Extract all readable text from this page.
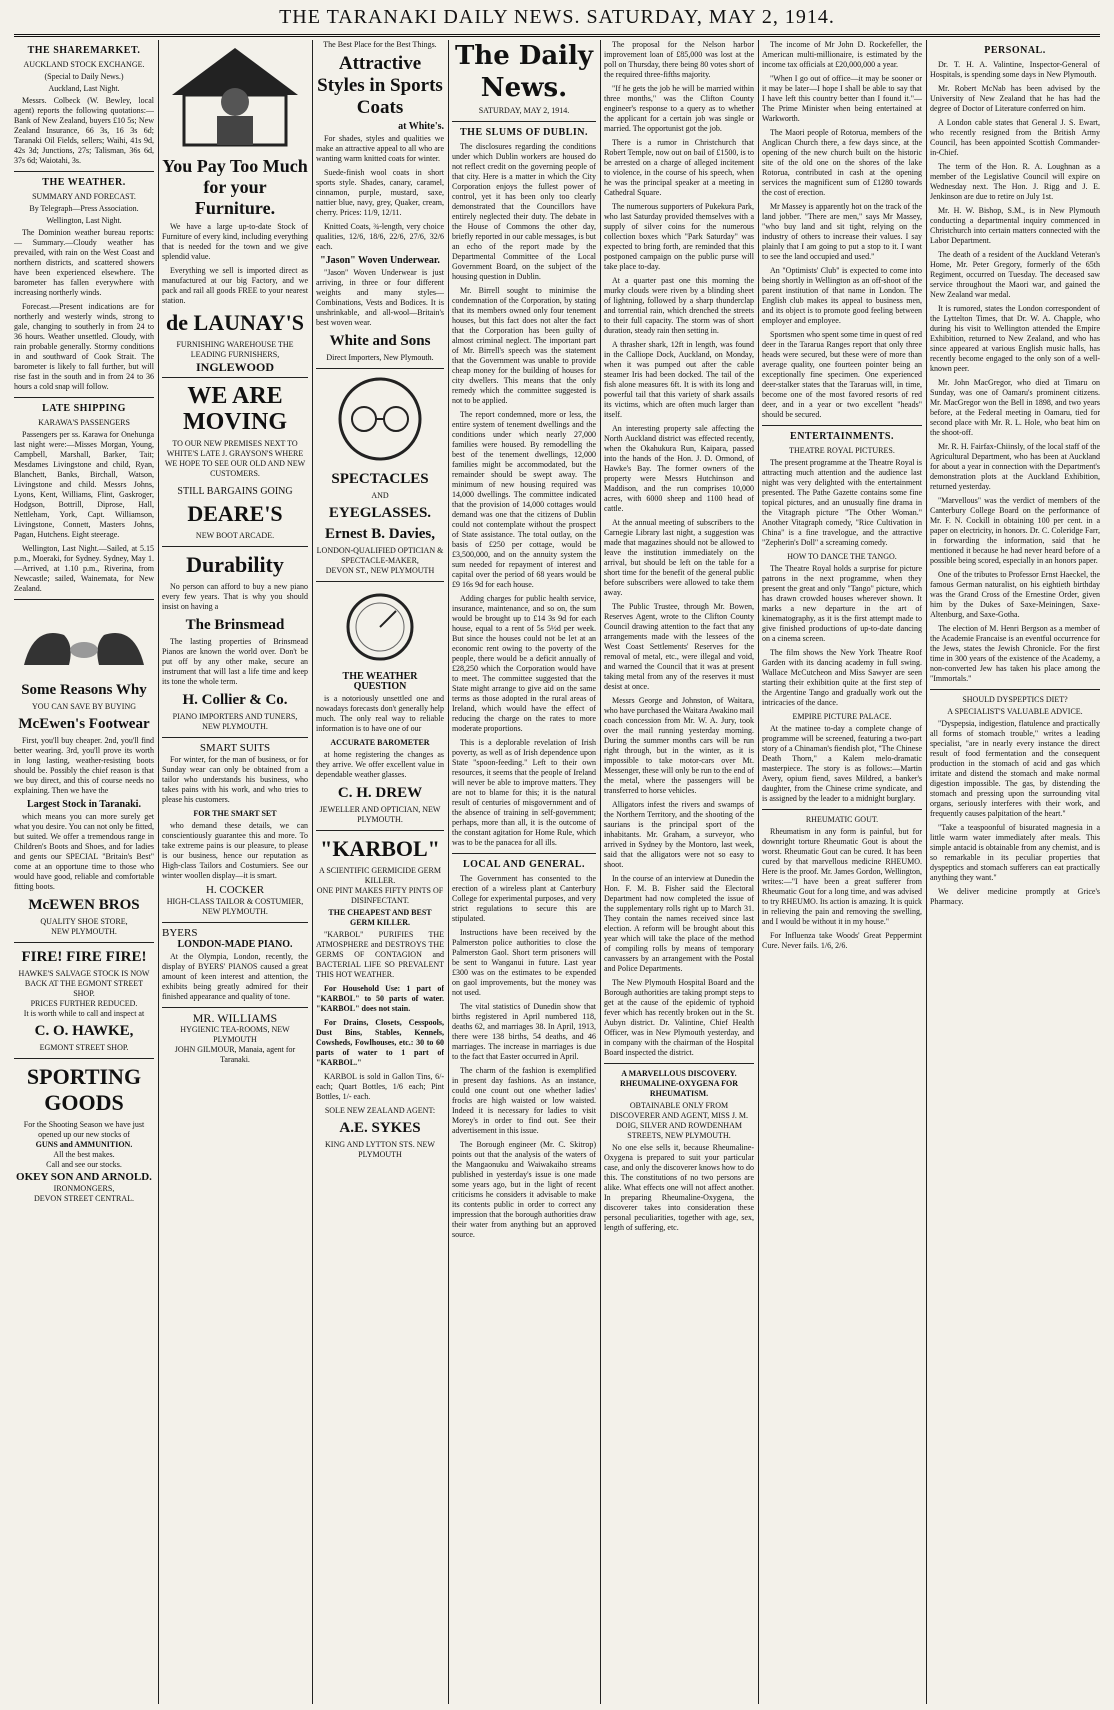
THE TARANAKI DAILY NEWS. SATURDAY, MAY 2, 1914.
THE SHAREMARKET.
AUCKLAND STOCK EXCHANGE.
(Special to Daily News.)
Auckland, Last Night.
Messrs. Colbeck (W. Bewley, local agent) reports the following quotations:— Bank of New Zealand, buyers £10 5s; New Zealand Insurance, 66 3s, 16 3s 6d; Taranaki Oil Fields, sellers; Waihi, 41s 9d, 42s 3d; Junctions, 27s; Talisman, 36s 6d, 37s 6d; Waiotahi, 3s.
THE WEATHER.
SUMMARY AND FORECAST.
By Telegraph—Press Association.
Wellington, Last Night.
The Dominion weather bureau reports:— Summary.—Cloudy weather has prevailed, with rain on the West Coast and northern districts, and scattered showers have been experienced elsewhere. The barometer has fallen everywhere with increasing northerly winds.
Forecast.—Present indications are for northerly and westerly winds, strong to gale, changing to southerly in from 24 to 36 hours. Weather unsettled. Cloudy, with rain probable generally. Stormy conditions in and southward of Cook Strait. The barometer is likely to fall further, but will rise fast in the south and in from 24 to 36 hours a cold snap will follow.
LATE SHIPPING
KARAWA'S PASSENGERS
Passengers per ss. Karawa for Onehunga last night were:—Misses Morgan, Young, Campbell, Marshall, Barker, Tait; Mesdames Livingstone and child, Ryan, Blanchett, Banks, Birchall, Watson, Livingstone and child. Messrs Johns, Lyons, Kent, Williams, Flint, Gaskroger, Hodgson, Bottrill, Diprose, Hall, Nettleham, York, Capt. Williamson, Livingstone, Connett, Masters Johns, Pagan, Hutchens. Eight steerage.
Wellington, Last Night.—Sailed, at 5.15 p.m., Moeraki, for Sydney. Sydney, May 1.—Arrived, at 1.10 p.m., Riverina, from Newcastle; sailed, Wainemata, for New Zealand.
Some Reasons Why
YOU CAN SAVE BY BUYING
McEwen's Footwear
First, you'll buy cheaper. 2nd, you'll find better wearing. 3rd, you'll prove its worth in long lasting, weather-resisting boots should be. Possibly the chief reason is that we buy direct, and this of course needs no explaining. Then we have the
Largest Stock in Taranaki.
which means you can more surely get what you desire. You can not only be fitted, but suited. We offer a tremendous range in Children's Boots and Shoes, and for ladies and gents our SPECIAL "Britain's Best" come at an opportune time to those who would have good, reliable and comfortable fitting boots.
McEWEN BROS
QUALITY SHOE STORE,
NEW PLYMOUTH.
FIRE! FIRE FIRE!
HAWKE'S SALVAGE STOCK IS NOW BACK AT THE EGMONT STREET SHOP.
PRICES FURTHER REDUCED.
It is worth while to call and inspect at
C. O. HAWKE,
EGMONT STREET SHOP.
SPORTING GOODS
For the Shooting Season we have just opened up our new stocks of
GUNS and AMMUNITION.
All the best makes.
Call and see our stocks.
OKEY SON AND ARNOLD.
IRONMONGERS,
DEVON STREET CENTRAL.
You Pay Too Much for your Furniture.
We have a large up-to-date Stock of Furniture of every kind, including everything that is needed for the town and we give splendid value.
Everything we sell is imported direct as manufactured at our big Factory, and we pack and rail all goods FREE to your nearest station.
de LAUNAY'S
FURNISHING WAREHOUSE THE LEADING FURNISHERS,
INGLEWOOD
WE ARE MOVING
TO OUR NEW PREMISES NEXT TO WHITE'S LATE J. GRAYSON'S WHERE WE HOPE TO SEE OUR OLD AND NEW CUSTOMERS.
STILL BARGAINS GOING
DEARE'S
NEW BOOT ARCADE.
Durability
No person can afford to buy a new piano every few years. That is why you should insist on having a
The Brinsmead
The lasting properties of Brinsmead Pianos are known the world over. Don't be put off by any other make, secure an instrument that will last a life time and keep its tone the whole term.
H. Collier & Co.
PIANO IMPORTERS AND TUNERS,
NEW PLYMOUTH.
SMART SUITS
For winter, for the man of business, or for Sunday wear can only be obtained from a tailor who understands his business, who takes pains with his work, and who tries to please his customers.
FOR THE SMART SET
who demand these details, we can conscientiously guarantee this and more. To take extreme pains is our pleasure, to please is our business, hence our reputation as High-class Tailors and Costumiers. See our winter woollen display—it is smart.
H. COCKER
HIGH-CLASS TAILOR & COSTUMIER,
NEW PLYMOUTH.
BYERS
LONDON-MADE PIANO.
At the Olympia, London, recently, the display of BYERS' PIANOS caused a great amount of keen interest and attention, the exhibits being greatly admired for their finished appearance and quality of tone.
MR. WILLIAMS
HYGIENIC TEA-ROOMS, NEW PLYMOUTH
JOHN GILMOUR, Manaia, agent for Taranaki.
The Best Place for the Best Things.
Attractive Styles in Sports Coats
at White's.
For shades, styles and qualities we make an attractive appeal to all who are wanting warm knitted coats for winter.
Suede-finish wool coats in short sports style. Shades, canary, caramel, cinnamon, purple, mustard, saxe, nattier blue, navy, grey, Quaker, cream, cherry. Prices: 11/9, 12/11.
Knitted Coats, ¾-length, very choice qualities, 12/6, 18/6, 22/6, 27/6, 32/6 each.
"Jason" Woven Underwear.
"Jason" Woven Underwear is just arriving, in three or four different weights and many styles—Combinations, Vests and Bodices. It is unshrinkable, and all-wool—Britain's best woven wear.
White and Sons
Direct Importers, New Plymouth.
SPECTACLES
AND
EYEGLASSES.
Ernest B. Davies,
LONDON-QUALIFIED OPTICIAN & SPECTACLE-MAKER,
DEVON ST., NEW PLYMOUTH
THE WEATHER QUESTION
is a notoriously unsettled one and nowadays forecasts don't generally help much. The only real way to reliable information is to have one of our
ACCURATE BAROMETER
at home registering the changes as they arrive. We offer excellent value in dependable weather glasses.
C. H. DREW
JEWELLER AND OPTICIAN, NEW PLYMOUTH.
"KARBOL"
A SCIENTIFIC GERMICIDE GERM KILLER.
ONE PINT MAKES FIFTY PINTS OF DISINFECTANT.
THE CHEAPEST AND BEST GERM KILLER.
"KARBOL" PURIFIES THE ATMOSPHERE and DESTROYS THE GERMS OF CONTAGION and BACTERIAL LIFE SO PREVALENT THIS HOT WEATHER.
For Household Use: 1 part of "KARBOL" to 50 parts of water. "KARBOL" does not stain.
For Drains, Closets, Cesspools, Dust Bins, Stables, Kennels, Cowsheds, Fowlhouses, etc.: 30 to 60 parts of water to 1 part of "KARBOL."
KARBOL is sold in Gallon Tins, 6/- each; Quart Bottles, 1/6 each; Pint Bottles, 1/- each.
SOLE NEW ZEALAND AGENT:
A.E. SYKES
KING AND LYTTON STS. NEW PLYMOUTH
The Daily News.
SATURDAY, MAY 2, 1914.
THE SLUMS OF DUBLIN.
The disclosures regarding the conditions under which Dublin workers are housed do not reflect credit on the governing people of that city. Here is a matter in which the City Corporation enjoys the fullest power of control, yet it has been only too clearly demonstrated that the Councillors have entirely neglected their duty. The debate in the House of Commons the other day, briefly reported in our cable messages, is but an echo of the report made by the Departmental Committee of the Local Government Board, on the subject of the housing question in Dublin.
Mr. Birrell sought to minimise the condemnation of the Corporation, by stating that its members owned only four tenement houses, but this fact does not alter the fact that the Corporation has been guilty of almost criminal neglect. The important part of Mr. Birrell's speech was the statement that the Government was unable to provide cheap money for the building of houses for city dwellers. This means that the only remedy which the committee suggested is not to be applied.
The report condemned, more or less, the entire system of tenement dwellings and the conditions under which nearly 27,000 families were housed. By remodelling the best of the tenement dwellings, 12,000 families might be accommodated, but the remainder should be swept away. The minimum of new housing required was 14,000 dwellings. The committee indicated that the provision of 14,000 cottages would demand was one that the citizens of Dublin could not contemplate without the prospect of State assistance. The total outlay, on the basis of £250 per cottage, would be £3,500,000, and on the annuity system the sum needed for repayment of interest and capital over the period of 68 years would be £9 16s 9d for each house.
Adding charges for public health service, insurance, maintenance, and so on, the sum would be brought up to £14 3s 9d for each house, equal to a rent of 5s 5½d per week. But since the houses could not be let at an economic rent owing to the poverty of the people, there would be a deficit annually of £28,250 which the Corporation would have to meet. The committee suggested that the State might arrange to give aid on the same terms as those adopted in the rural areas of Ireland, which would have the effect of reducing the charge on the rates to more moderate proportions.
This is a deplorable revelation of Irish poverty, as well as of Irish dependence upon State "spoon-feeding." Left to their own resources, it seems that the people of Ireland will never be able to improve matters. They are not to blame for this; it is the natural result of centuries of misgovernment and of the absence of training in self-government; perhaps, more than all, it is the outcome of the constant agitation for Home Rule, which was to be the panacea for all ills.
LOCAL AND GENERAL.
The Government has consented to the erection of a wireless plant at Canterbury College for experimental purposes, and very strict regulations to secure this are stipulated.
Instructions have been received by the Palmerston police authorities to close the Palmerston Gaol. Short term prisoners will be sent to Wanganui in future. Last year £300 was on the estimates to be expended on gaol improvements, but the money was not used.
The vital statistics of Dunedin show that births registered in April numbered 118, deaths 62, and marriages 38. In April, 1913, there were 138 births, 54 deaths, and 46 marriages. The increase in marriages is due to the fact that Easter occurred in April.
The charm of the fashion is exemplified in present day fashions. As an instance, could one count out one whether ladies' frocks are high waisted or low waisted. Indeed it is necessary for ladies to visit Morey's in order to find out. See their advertisement in this issue.
The Borough engineer (Mr. C. Skitrop) points out that the analysis of the waters of the Mangaonuku and Waiwakaiho streams published in yesterday's issue is one made some years ago, but in the light of recent criticisms he considers it advisable to make its contents public in order to correct any impression that the borough authorities draw their water from anything but an approved source.
The proposal for the Nelson harbor improvement loan of £85,000 was lost at the poll on Thursday, there being 80 votes short of the required three-fifths majority.
"If he gets the job he will be married within three months," was the Clifton County engineer's response to a query as to whether the applicant for a certain job was single or married. The opportunist got the job.
There is a rumor in Christchurch that Robert Temple, now out on bail of £1500, is to be arrested on a charge of alleged incitement to violence, in the course of his speech, when he was the principal speaker at a meeting in Cathedral Square.
The numerous supporters of Pukekura Park, who last Saturday provided themselves with a supply of silver coins for the numerous collection boxes which "Park Saturday" was expected to bring forth, are reminded that this postponed campaign on the public purse will take place to-day.
At a quarter past one this morning the murky clouds were riven by a blinding sheet of lightning, followed by a sharp thunderclap and torrential rain, which drenched the streets to their full capacity. The storm was of short duration, steady rain then setting in.
A thrasher shark, 12ft in length, was found in the Calliope Dock, Auckland, on Monday, when it was pumped out after the cable steamer Iris had been docked. The tail of the fish alone measures 6ft. It is with its long and powerful tail that this variety of shark assails its victims, which are often much larger than itself.
An interesting property sale affecting the North Auckland district was effected recently, when the Okahukura Run, Kaipara, passed into the hands of the Hon. J. D. Ormond, of Hawke's Bay. The former owners of the property were Messrs Hutchinson and Maddison, and the run comprises 10,000 acres, with 6000 sheep and 1100 head of cattle.
At the annual meeting of subscribers to the Carnegie Library last night, a suggestion was made that magazines should not be allowed to leave the institution immediately on the arrival, but should be left on the table for a short time for the benefit of the general public before subscribers were allowed to take them away.
The Public Trustee, through Mr. Bowen, Reserves Agent, wrote to the Clifton County Council drawing attention to the fact that any arrangements made with the lessees of the West Coast Settlements' Reserves for the removal of metal, etc., were illegal and void, and warned the Council that it was at present taking metal from any of the reserves it must desist at once.
Messrs George and Johnston, of Waitara, who have purchased the Waitara Awakino mail coach concession from Mr. W. A. Jury, took over the mail running yesterday morning. During the summer months cars will be run right through, but in the winter, as it is impossible to take motor-cars over Mt. Messenger, these will only be run to the end of the metal, where the passengers will be transferred to horse vehicles.
Alligators infest the rivers and swamps of the Northern Territory, and the shooting of the saurians is the principal sport of the inhabitants. Mr. Graham, a surveyor, who arrived in Sydney by the Montoro, last week, said that the alligators were not so easy to shoot.
In the course of an interview at Dunedin the Hon. F. M. B. Fisher said the Electoral Department had now completed the issue of the supplementary rolls right up to March 31. They contain the names received since last election. A reform will be brought about this year which will take the place of the method of compiling rolls by means of temporary canvassers by an arrangement with the Postal and Police Departments.
The New Plymouth Hospital Board and the Borough authorities are taking prompt steps to get at the cause of the epidemic of typhoid fever which has recently broken out in the St. Aubyn district. Dr. Valintine, Chief Health Officer, was in New Plymouth yesterday, and in company with the chairman of the Hospital Board inspected the district.
A MARVELLOUS DISCOVERY. RHEUMALINE-OXYGENA FOR RHEUMATISM.
OBTAINABLE ONLY FROM DISCOVERER AND AGENT, MISS J. M. DOIG, SILVER AND ROWDENHAM STREETS, NEW PLYMOUTH.
No one else sells it, because Rheumaline-Oxygena is prepared to suit your particular case, and only the discoverer knows how to do this. The constitutions of no two persons are alike. What effects one will not affect another. In preparing Rheumaline-Oxygena, the discoverer takes into consideration these personal peculiarities, together with age, sex, length of suffering, etc.
The income of Mr John D. Rockefeller, the American multi-millionaire, is estimated by the income tax officials at £20,000,000 a year.
"When I go out of office—it may be sooner or it may be later—I hope I shall be able to say that I have left this country better than I found it."—The Prime Minister when being entertained at Warkworth.
The Maori people of Rotorua, members of the Anglican Church there, a few days since, at the opening of the new church built on the historic site of the old one on the shores of the lake Rotorua, contributed in cash at the opening services the magnificent sum of £1280 towards the cost of erection.
Mr Massey is apparently hot on the track of the land jobber. "There are men," says Mr Massey, "who buy land and sit tight, relying on the industry of others to increase their values. I say plainly that I am going to put a stop to it. I want to see the land occupied and used."
An "Optimists' Club" is expected to come into being shortly in Wellington as an off-shoot of the parent institution of that name in London. The English club makes its appeal to business men, and its object is to promote good feeling between employer and employee.
Sportsmen who spent some time in quest of red deer in the Tararua Ranges report that only three heads were secured, but these were of more than average quality, one fourteen pointer being an exceptionally fine specimen. One experienced deer-stalker states that the Tararuas will, in time, become one of the most favored resorts of red deer, and in a year or two excellent "heads" should be secured.
ENTERTAINMENTS.
THEATRE ROYAL PICTURES.
The present programme at the Theatre Royal is attracting much attention and the audience last night was very delighted with the entertainment presented. The Pathe Gazette contains some fine topical pictures, and an unusually fine drama in the Vitagraph picture "The Other Woman." Another Vitagraph comedy, "Rice Cultivation in China" is a fine travelogue, and the attractive "Zepherin's Doll" a screaming comedy.
HOW TO DANCE THE TANGO.
The Theatre Royal holds a surprise for picture patrons in the next programme, when they present the great and only "Tango" picture, which has drawn crowded houses wherever shown. It marks a new departure in the art of kinematography, as it is the first attempt made to give finished productions of up-to-date dancing on a cinema screen.
The film shows the New York Theatre Roof Garden with its dancing academy in full swing. Wallace McCutcheon and Miss Sawyer are seen starting their exhibition quite at the first step of the Argentine Tango and gradually work out the intricacies of the dance.
EMPIRE PICTURE PALACE.
At the matinee to-day a complete change of programme will be screened, featuring a two-part story of a Chinaman's fiendish plot, "The Chinese Death Thorn," a Kalem melo-dramatic masterpiece. The story is as follows:—Martin Avery, opium fiend, saves Mildred, a banker's daughter, from the Chinese crime syndicate, and is assigned by the leader to a midnight burglary.
RHEUMATIC GOUT.
Rheumatism in any form is painful, but for downright torture Rheumatic Gout is about the worst. Rheumatic Gout can be cured. It has been cured by that marvellous medicine RHEUMO. Here is the proof. Mr. James Gordon, Wellington, writes:—"I have been a great sufferer from Rheumatic Gout for a long time, and was advised to try RHEUMO. Its action is amazing. It is quick in relieving the pain and removing the swelling, and I would be without it in my house."
For Influenza take Woods' Great Peppermint Cure. Never fails. 1/6, 2/6.
PERSONAL.
Dr. T. H. A. Valintine, Inspector-General of Hospitals, is spending some days in New Plymouth.
Mr. Robert McNab has been advised by the University of New Zealand that he has had the degree of Doctor of Literature conferred on him.
A London cable states that General J. S. Ewart, who recently resigned from the British Army Council, has been appointed Scottish Commander-in-Chief.
The term of the Hon. R. A. Loughnan as a member of the Legislative Council will expire on Wednesday next. The Hon. J. Rigg and J. E. Jenkinson are due to retire on July 1st.
Mr. H. W. Bishop, S.M., is in New Plymouth conducting a departmental inquiry commenced in Christchurch into certain matters connected with the Labor Department.
The death of a resident of the Auckland Veteran's Home, Mr. Peter Gregory, formerly of the 65th Regiment, occurred on Tuesday. The deceased saw service throughout the Maori war, and gained the New Zealand war medal.
It is rumored, states the London correspondent of the Lyttelton Times, that Dr. W. A. Chapple, who during his visit to Wellington attended the Empire Exhibition, returned to New Zealand, and who has since appeared at various English music halls, has recently become engaged to the only son of a well-known peer.
Mr. John MacGregor, who died at Timaru on Sunday, was one of Oamaru's prominent citizens. Mr. MacGregor won the Bell in 1898, and two years before, at the Federal meeting in Oamaru, tied for second place with Mr. R. L. Hole, who beat him on the shoot-off.
Mr. R. H. Fairfax-Chiinsly, of the local staff of the Agricultural Department, who has been at Auckland for about a year in connection with the Department's demonstration plots at the Auckland Exhibition, returned yesterday.
"Marvellous" was the verdict of members of the Canterbury College Board on the performance of Mr. F. N. Cockill in obtaining 100 per cent. in a paper on electricity, in honors. Dr. C. Coleridge Farr, in forwarding the information, said that he mentioned it because he had never heard before of a possible being scored, especially in an honors paper.
One of the tributes to Professor Ernst Haeckel, the famous German naturalist, on his eightieth birthday was the Grand Cross of the Ernestine Order, given him by the Dukes of Saxe-Meiningen, Saxe-Altenburg, and Saxe-Gotha.
The election of M. Henri Bergson as a member of the Academie Francaise is an eventful occurrence for the Jews, states the Jewish Chronicle. For the first time in 300 years of the existence of the Academy, a non-converted Jew has taken his place among the "Immortals."
SHOULD DYSPEPTICS DIET?
A SPECIALIST'S VALUABLE ADVICE.
"Dyspepsia, indigestion, flatulence and practically all forms of stomach trouble," writes a leading specialist, "are in nearly every instance the direct result of food fermentation and the consequent production in the stomach of acid and gas which irritate and distend the stomach and make normal digestion impossible. The gas, by distending the stomach and pressing upon the surrounding vital organs, seriously interferes with their work, and frequently causes palpitation of the heart."
"Take a teaspoonful of bisurated magnesia in a little warm water immediately after meals. This simple antacid is obtainable from any chemist, and is so remarkable in its peculiar properties that dyspeptics and stomach sufferers can eat practically anything they want."
We deliver medicine promptly at Grice's Pharmacy.
